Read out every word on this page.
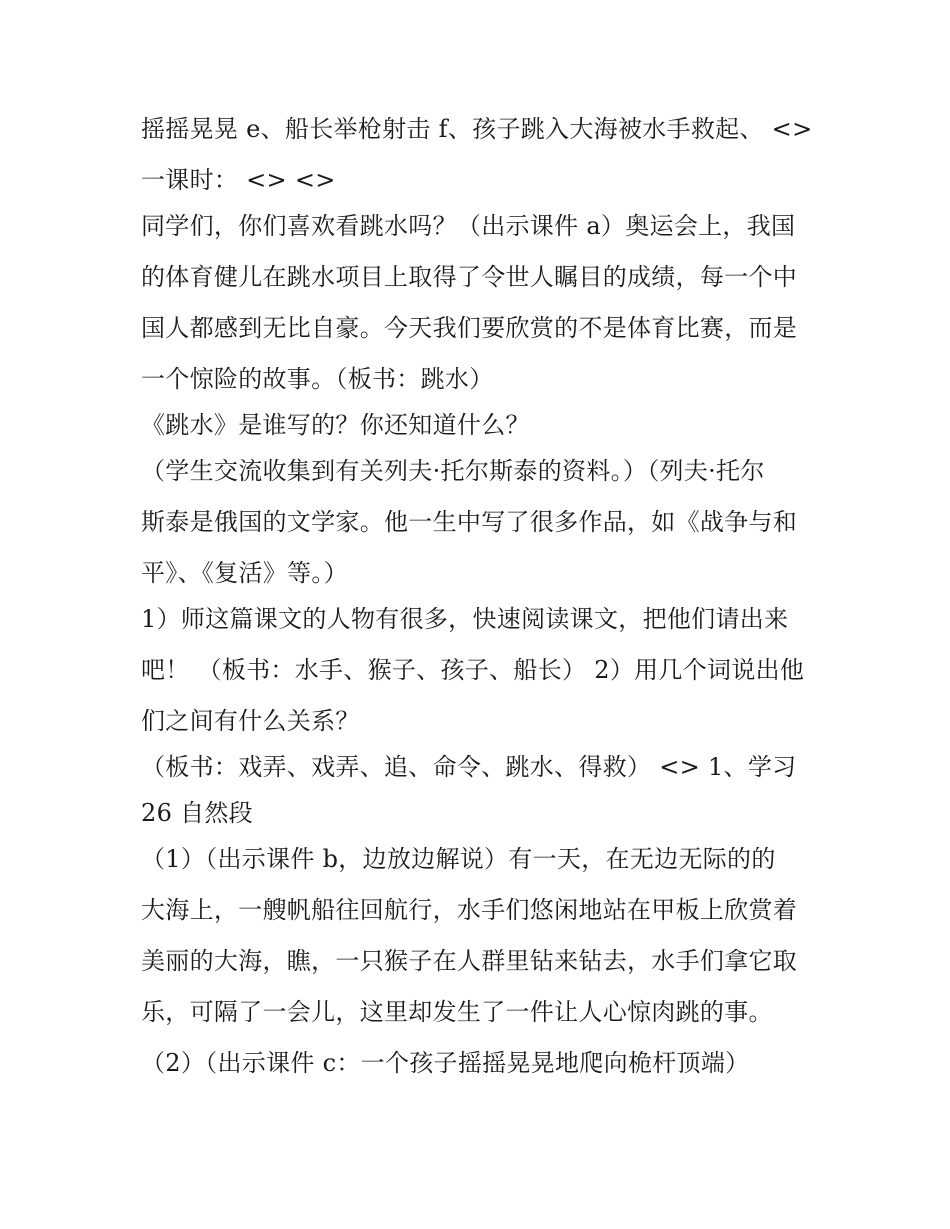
摇摇晃晃 e、船长举枪射击 f、孩子跳入大海被水手救起、 <>
一课时： <> <>
同学们，你们喜欢看跳水吗？（出示课件 a）奥运会上，我国
的体育健儿在跳水项目上取得了令世人瞩目的成绩，每一个中
国人都感到无比自豪。今天我们要欣赏的不是体育比赛，而是
一个惊险的故事。（板书：跳水）
《跳水》是谁写的？你还知道什么？
（学生交流收集到有关列夫·托尔斯泰的资料。）（列夫·托尔
斯泰是俄国的文学家。他一生中写了很多作品，如《战争与和
平》、《复活》等。）
1）师这篇课文的人物有很多，快速阅读课文，把他们请出来
吧！ （板书：水手、猴子、孩子、船长） 2）用几个词说出他
们之间有什么关系？
（板书：戏弄、戏弄、追、命令、跳水、得救） <> 1、学习
26 自然段
（1）（出示课件 b，边放边解说）有一天，在无边无际的的
大海上，一艘帆船往回航行，水手们悠闲地站在甲板上欣赏着
美丽的大海，瞧，一只猴子在人群里钻来钻去，水手们拿它取
乐，可隔了一会儿，这里却发生了一件让人心惊肉跳的事。
（2）（出示课件 c：一个孩子摇摇晃晃地爬向桅杆顶端）
